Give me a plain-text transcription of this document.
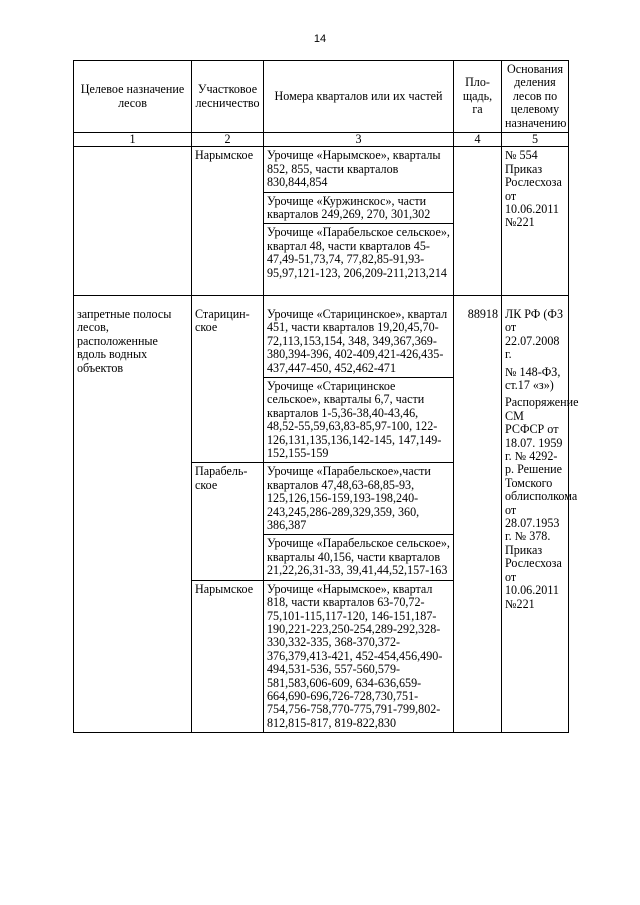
14
Целевое назначение лесов	Участковое лесничество	Номера кварталов или их частей	Пло-щадь, га	Основания деления лесов по целевому назначению
1	2	3	4	5
	Нарымское	Урочище «Нарымское», кварталы 852, 855, части кварталов 830,844,854		№ 554 Приказ Рослесхоза от 10.06.2011 №221

		Урочище «Куржинскос», части кварталов 249,269, 270, 301,302		
		Урочище «Парабельское сельское», квартал 48, части кварталов 45-47,49-51,73,74, 77,82,85-91,93-95,97,121-123, 206,209-211,213,214		

запретные полосы лесов, расположенные вдоль водных объектов	Старицин-ское	Урочище «Старицинское», квартал 451, части кварталов 19,20,45,70-72,113,153,154, 348, 349,367,369-380,394-396, 402-409,421-426,435-437,447-450, 452,462-471	88918	ЛК РФ (ФЗ от 22.07.2008 г.

№ 148-ФЗ, ст.17 «з»)

Распоряжение СМ РСФСР от 18.07. 1959 г. № 4292-р. Решение Томского облисполкома от 28.07.1953 г. № 378. Приказ Рослесхоза от 10.06.2011 №221

		Урочище «Старицинское сельское», кварталы 6,7, части кварталов 1-5,36-38,40-43,46, 48,52-55,59,63,83-85,97-100, 122-126,131,135,136,142-145, 147,149-152,155-159		
	Парабель-ское	Урочище «Парабельское»,части кварталов 47,48,63-68,85-93, 125,126,156-159,193-198,240-243,245,286-289,329,359, 360, 386,387		
		Урочище «Парабельское сельское», кварталы 40,156, части кварталов 21,22,26,31-33, 39,41,44,52,157-163		
	Нарымское	Урочище «Нарымское», квартал 818, части кварталов 63-70,72-75,101-115,117-120, 146-151,187-190,221-223,250-254,289-292,328-330,332-335, 368-370,372-376,379,413-421, 452-454,456,490-494,531-536, 557-560,579-581,583,606-609, 634-636,659-664,690-696,726-728,730,751-754,756-758,770-775,791-799,802-812,815-817, 819-822,830		
